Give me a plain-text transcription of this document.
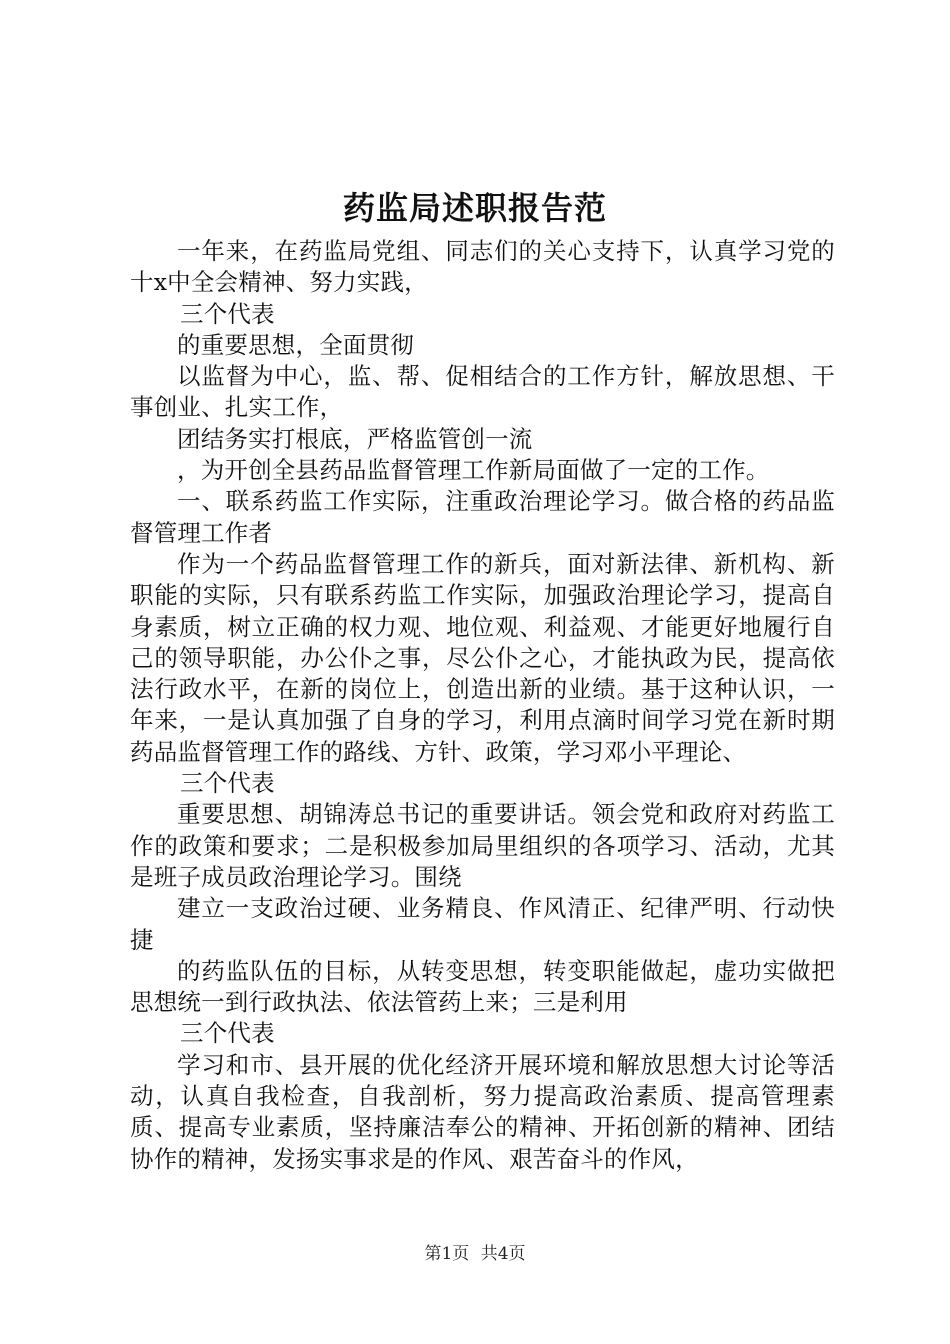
药监局述职报告范

一年来，在药监局党组、同志们的关心支持下，认真学习党的十x中全会精神、努力实践，

三个代表

的重要思想，全面贯彻

以监督为中心，监、帮、促相结合的工作方针，解放思想、干事创业、扎实工作，

团结务实打根底，严格监管创一流

，为开创全县药品监督管理工作新局面做了一定的工作。

一、联系药监工作实际，注重政治理论学习。做合格的药品监督管理工作者

作为一个药品监督管理工作的新兵，面对新法律、新机构、新职能的实际，只有联系药监工作实际，加强政治理论学习，提高自身素质，树立正确的权力观、地位观、利益观、才能更好地履行自己的领导职能，办公仆之事，尽公仆之心，才能执政为民，提高依法行政水平，在新的岗位上，创造出新的业绩。基于这种认识，一年来，一是认真加强了自身的学习，利用点滴时间学习党在新时期药品监督管理工作的路线、方针、政策，学习邓小平理论、

三个代表

重要思想、胡锦涛总书记的重要讲话。领会党和政府对药监工作的政策和要求；二是积极参加局里组织的各项学习、活动，尤其是班子成员政治理论学习。围绕

建立一支政治过硬、业务精良、作风清正、纪律严明、行动快捷

的药监队伍的目标，从转变思想，转变职能做起，虚功实做把思想统一到行政执法、依法管药上来；三是利用

三个代表

学习和市、县开展的优化经济开展环境和解放思想大讨论等活动，认真自我检查，自我剖析，努力提高政治素质、提高管理素质、提高专业素质，坚持廉洁奉公的精神、开拓创新的精神、团结协作的精神，发扬实事求是的作风、艰苦奋斗的作风，

第1页 共4页
